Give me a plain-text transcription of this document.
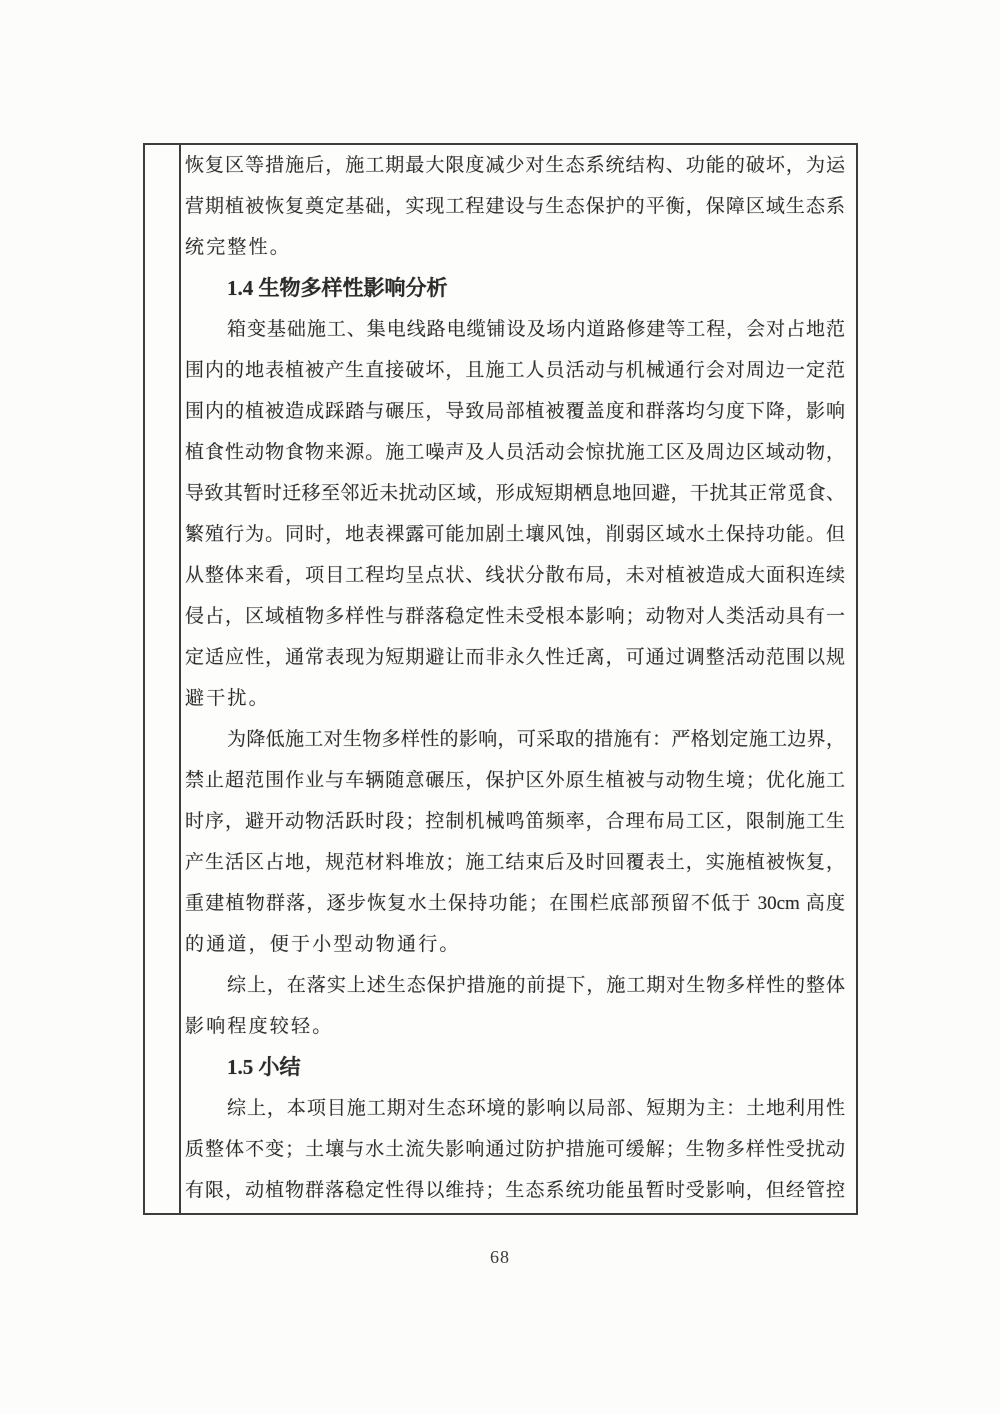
恢复区等措施后，施工期最大限度减少对生态系统结构、功能的破坏，为运
营期植被恢复奠定基础，实现工程建设与生态保护的平衡，保障区域生态系
统完整性。
1.4 生物多样性影响分析
箱变基础施工、集电线路电缆铺设及场内道路修建等工程，会对占地范
围内的地表植被产生直接破坏，且施工人员活动与机械通行会对周边一定范
围内的植被造成踩踏与碾压，导致局部植被覆盖度和群落均匀度下降，影响
植食性动物食物来源。施工噪声及人员活动会惊扰施工区及周边区域动物，
导致其暂时迁移至邻近未扰动区域，形成短期栖息地回避，干扰其正常觅食、
繁殖行为。同时，地表裸露可能加剧土壤风蚀，削弱区域水土保持功能。但
从整体来看，项目工程均呈点状、线状分散布局，未对植被造成大面积连续
侵占，区域植物多样性与群落稳定性未受根本影响；动物对人类活动具有一
定适应性，通常表现为短期避让而非永久性迁离，可通过调整活动范围以规
避干扰。
为降低施工对生物多样性的影响，可采取的措施有：严格划定施工边界，
禁止超范围作业与车辆随意碾压，保护区外原生植被与动物生境；优化施工
时序，避开动物活跃时段；控制机械鸣笛频率，合理布局工区，限制施工生
产生活区占地，规范材料堆放；施工结束后及时回覆表土，实施植被恢复，
重建植物群落，逐步恢复水土保持功能；在围栏底部预留不低于 30cm 高度
的通道，便于小型动物通行。
综上，在落实上述生态保护措施的前提下，施工期对生物多样性的整体
影响程度较轻。
1.5 小结
综上，本项目施工期对生态环境的影响以局部、短期为主：土地利用性
质整体不变；土壤与水土流失影响通过防护措施可缓解；生物多样性受扰动
有限，动植物群落稳定性得以维持；生态系统功能虽暂时受影响，但经管控
68
